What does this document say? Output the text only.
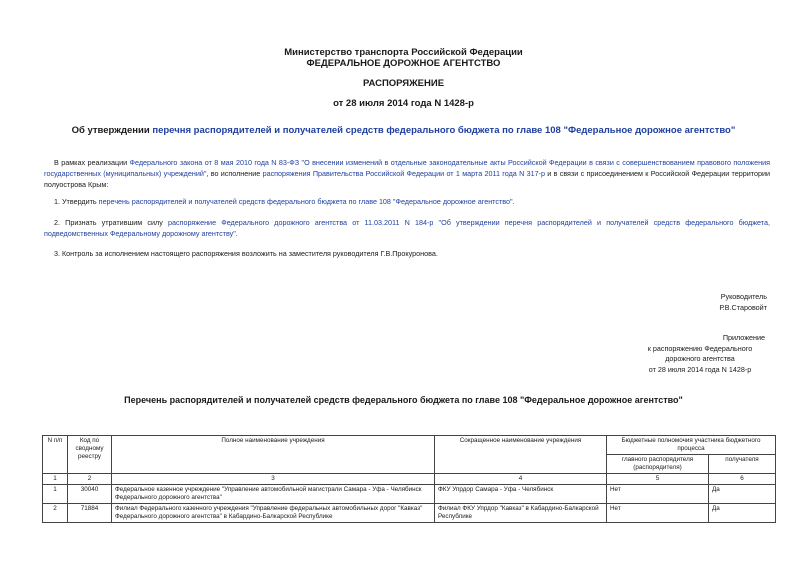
Министерство транспорта Российской Федерации
ФЕДЕРАЛЬНОЕ ДОРОЖНОЕ АГЕНТСТВО
РАСПОРЯЖЕНИЕ
от 28 июля 2014 года N 1428-р
Об утверждении перечня распорядителей и получателей средств федерального бюджета по главе 108 "Федеральное дорожное агентство"
В рамках реализации Федерального закона от 8 мая 2010 года N 83-ФЗ "О внесении изменений в отдельные законодательные акты Российской Федерации в связи с совершенствованием правового положения государственных (муниципальных) учреждений", во исполнение распоряжения Правительства Российской Федерации от 1 марта 2011 года N 317-р и в связи с присоединением к Российской Федерации территории полуострова Крым:
1. Утвердить перечень распорядителей и получателей средств федерального бюджета по главе 108 "Федеральное дорожное агентство".
2. Признать утратившим силу распоряжение Федерального дорожного агентства от 11.03.2011 N 184-р "Об утверждении перечня распорядителей и получателей средств федерального бюджета, подведомственных Федеральному дорожному агентству".
3. Контроль за исполнением настоящего распоряжения возложить на заместителя руководителя Г.В.Прокуронова.
Руководитель
Р.В.Старовойт
Приложение
к распоряжению Федерального
дорожного агентства
от 28 июля 2014 года N 1428-р
Перечень распорядителей и получателей средств федерального бюджета по главе 108 "Федеральное дорожное агентство"
N п/п	Код по сводному реестру	Полное наименование учреждения	Сокращенное наименование учреждения	Бюджетные полномочия участника бюджетного процесса	
				главного распорядителя (распорядителя)	получателя
1	2	3	4	5	6
1	30040	Федеральное казенное учреждение "Управление автомобильной магистрали Самара - Уфа - Челябинск Федерального дорожного агентства"	ФКУ Упрдор Самара - Уфа - Челябинск	Нет	Да
2	71884	Филиал Федерального казенного учреждения "Управление федеральных автомобильных дорог "Кавказ" Федерального дорожного агентства" в Кабардино-Балкарской Республике	Филиал ФКУ Упрдор "Кавказ" в Кабардино-Балкарской Республике	Нет	Да
